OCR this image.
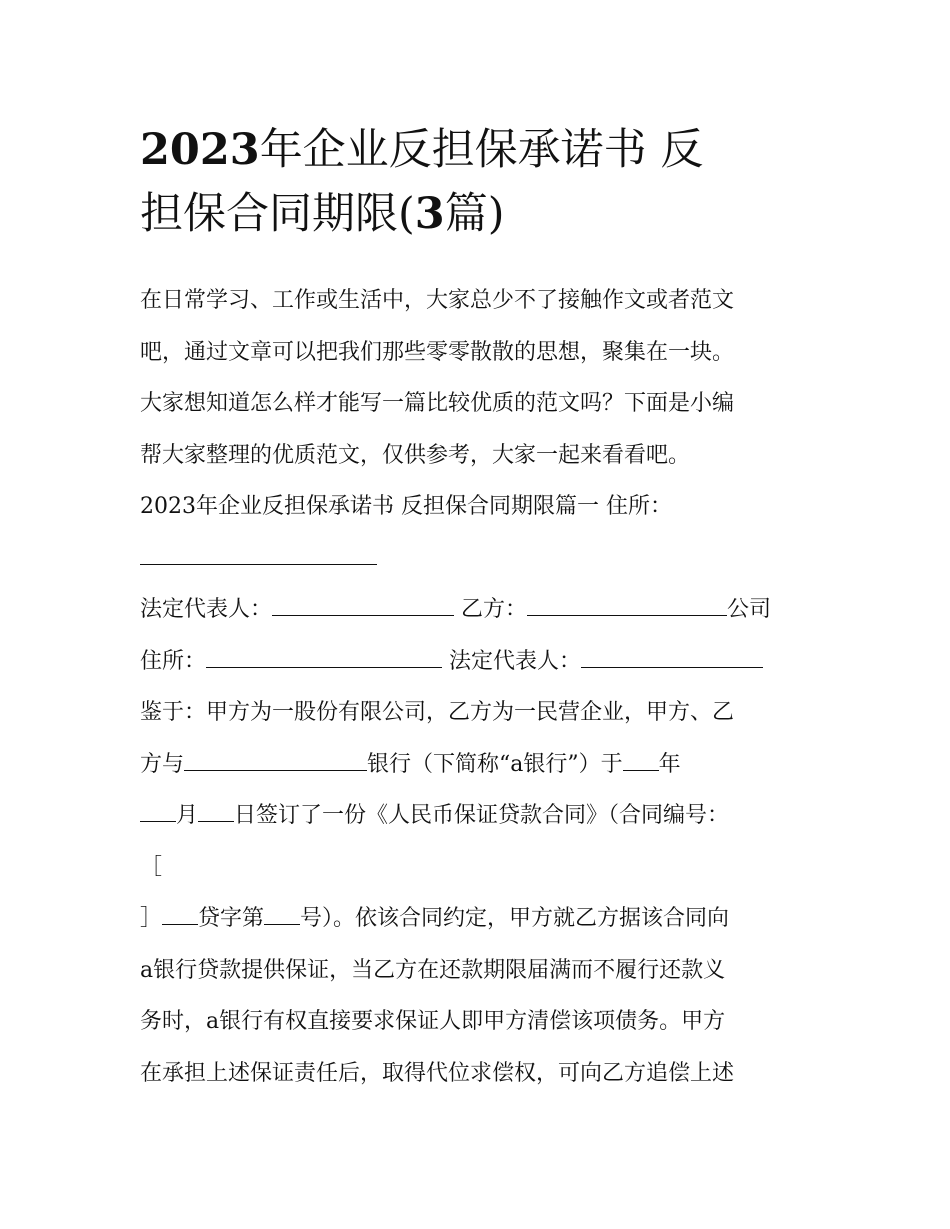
2023年企业反担保承诺书 反
担保合同期限(3篇)
在日常学习、工作或生活中，大家总少不了接触作文或者范文
吧，通过文章可以把我们那些零零散散的思想，聚集在一块。
大家想知道怎么样才能写一篇比较优质的范文吗？下面是小编
帮大家整理的优质范文，仅供参考，大家一起来看看吧。
2023年企业反担保承诺书 反担保合同期限篇一 住所：
法定代表人：	乙方：	公司
住所：	法定代表人：
鉴于：甲方为一股份有限公司，乙方为一民营企业，甲方、乙
方与	银行（下简称“a银行”）于 年
月 日签订了一份《人民币保证贷款合同》（合同编号：
［
］ 贷字第 号）。依该合同约定，甲方就乙方据该合同向
a银行贷款提供保证，当乙方在还款期限届满而不履行还款义
务时，a银行有权直接要求保证人即甲方清偿该项债务。甲方
在承担上述保证责任后，取得代位求偿权，可向乙方追偿上述
